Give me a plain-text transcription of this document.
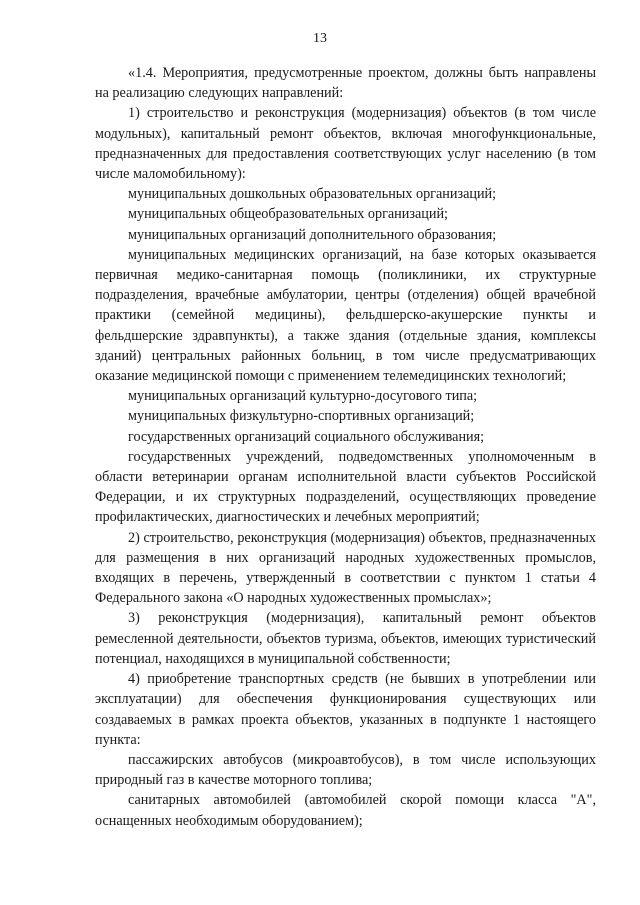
13

«1.4. Мероприятия, предусмотренные проектом, должны быть направлены на реализацию следующих направлений:

1) строительство и реконструкция (модернизация) объектов (в том числе модульных), капитальный ремонт объектов, включая многофункциональные, предназначенных для предоставления соответствующих услуг населению (в том числе маломобильному):

муниципальных дошкольных образовательных организаций;

муниципальных общеобразовательных организаций;

муниципальных организаций дополнительного образования;

муниципальных медицинских организаций, на базе которых оказывается первичная медико-санитарная помощь (поликлиники, их структурные подразделения, врачебные амбулатории, центры (отделения) общей врачебной практики (семейной медицины), фельдшерско-акушерские пункты и фельдшерские здравпункты), а также здания (отдельные здания, комплексы зданий) центральных районных больниц, в том числе предусматривающих оказание медицинской помощи с применением телемедицинских технологий;

муниципальных организаций культурно-досугового типа;

муниципальных физкультурно-спортивных организаций;

государственных организаций социального обслуживания;

государственных учреждений, подведомственных уполномоченным в области ветеринарии органам исполнительной власти субъектов Российской Федерации, и их структурных подразделений, осуществляющих проведение профилактических, диагностических и лечебных мероприятий;

2) строительство, реконструкция (модернизация) объектов, предназначенных для размещения в них организаций народных художественных промыслов, входящих в перечень, утвержденный в соответствии с пунктом 1 статьи 4 Федерального закона «О народных художественных промыслах»;

3) реконструкция (модернизация), капитальный ремонт объектов ремесленной деятельности, объектов туризма, объектов, имеющих туристический потенциал, находящихся в муниципальной собственности;

4) приобретение транспортных средств (не бывших в употреблении или эксплуатации) для обеспечения функционирования существующих или создаваемых в рамках проекта объектов, указанных в подпункте 1 настоящего пункта:

пассажирских автобусов (микроавтобусов), в том числе использующих природный газ в качестве моторного топлива;

санитарных автомобилей (автомобилей скорой помощи класса "А", оснащенных необходимым оборудованием);
